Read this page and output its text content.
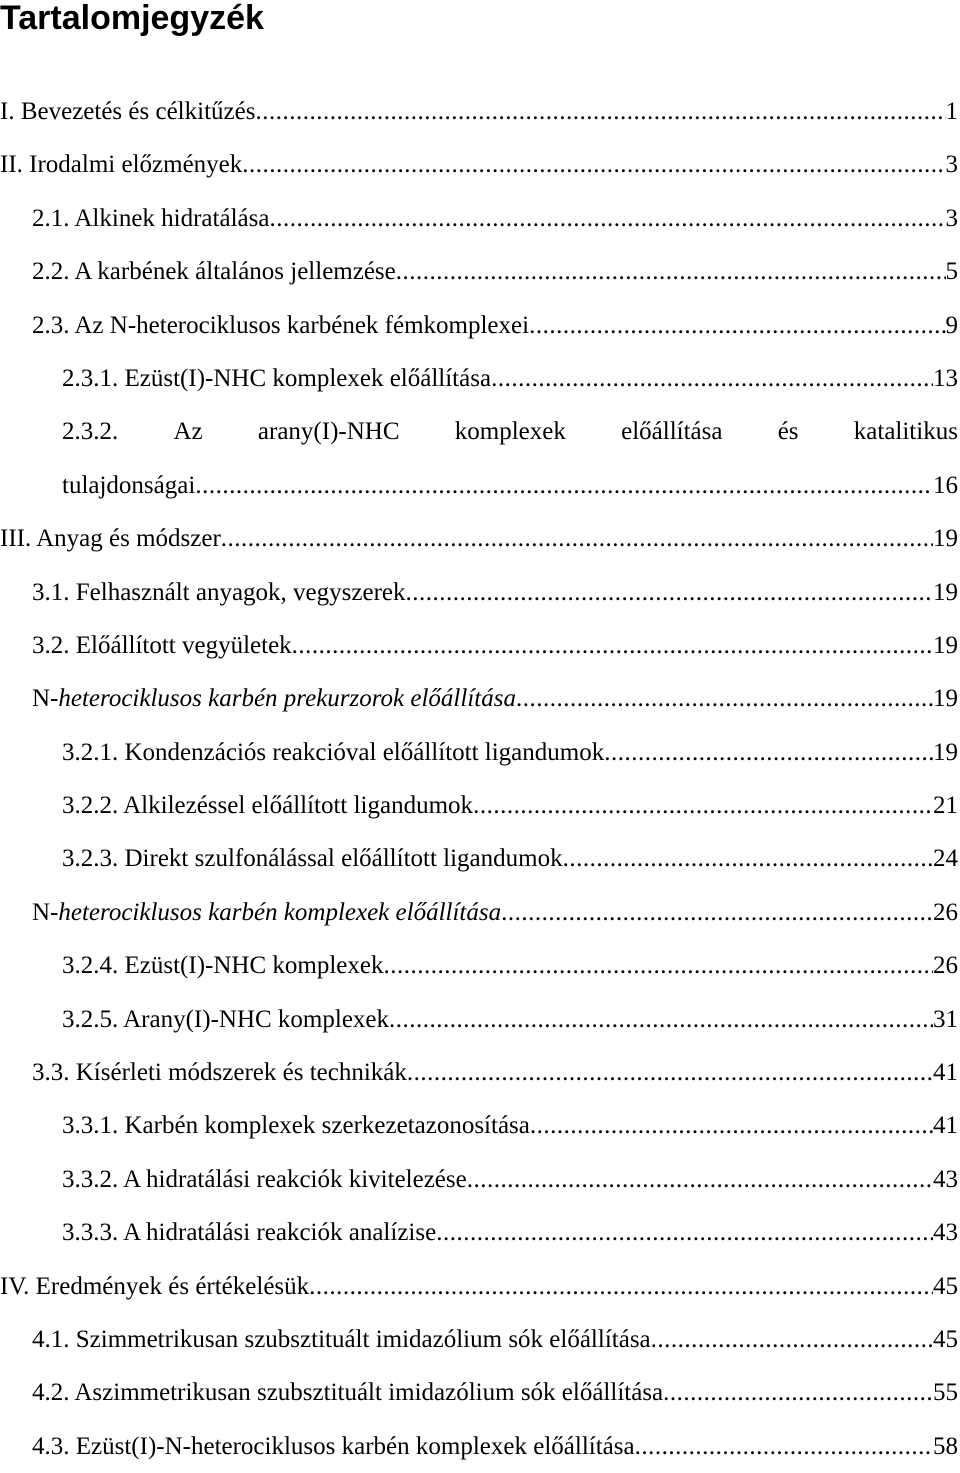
Tartalomjegyzék
I. Bevezetés és célkitűzés .....	1
II. Irodalmi előzmények .....	3
2.1. Alkinek hidratálása .....	3
2.2. A karbének általános jellemzése .....	5
2.3. Az N-heterociklusos karbének fémkomplexei .....	9
2.3.1. Ezüst(I)-NHC komplexek előállítása .....	13
2.3.2. Az arany(I)-NHC komplexek előállítása és katalitikus
tulajdonságai .....	16
III. Anyag és módszer .....	19
3.1. Felhasznált anyagok, vegyszerek .....	19
3.2. Előállított vegyületek .....	19
N-heterociklusos karbén prekurzorok előállítása .....	19
3.2.1. Kondenzációs reakcióval előállított ligandumok .....	19
3.2.2. Alkilezéssel előállított ligandumok .....	21
3.2.3. Direkt szulfonálással előállított ligandumok .....	24
N-heterociklusos karbén komplexek előállítása .....	26
3.2.4. Ezüst(I)-NHC komplexek .....	26
3.2.5. Arany(I)-NHC komplexek .....	31
3.3. Kísérleti módszerek és technikák .....	41
3.3.1. Karbén komplexek szerkezetazonosítása .....	41
3.3.2. A hidratálási reakciók kivitelezése .....	43
3.3.3. A hidratálási reakciók analízise .....	43
IV. Eredmények és értékelésük .....	45
4.1. Szimmetrikusan szubsztituált imidazólium sók előállítása .....	45
4.2. Aszimmetrikusan szubsztituált imidazólium sók előállítása .....	55
4.3. Ezüst(I)-N-heterociklusos karbén komplexek előállítása .....	58
